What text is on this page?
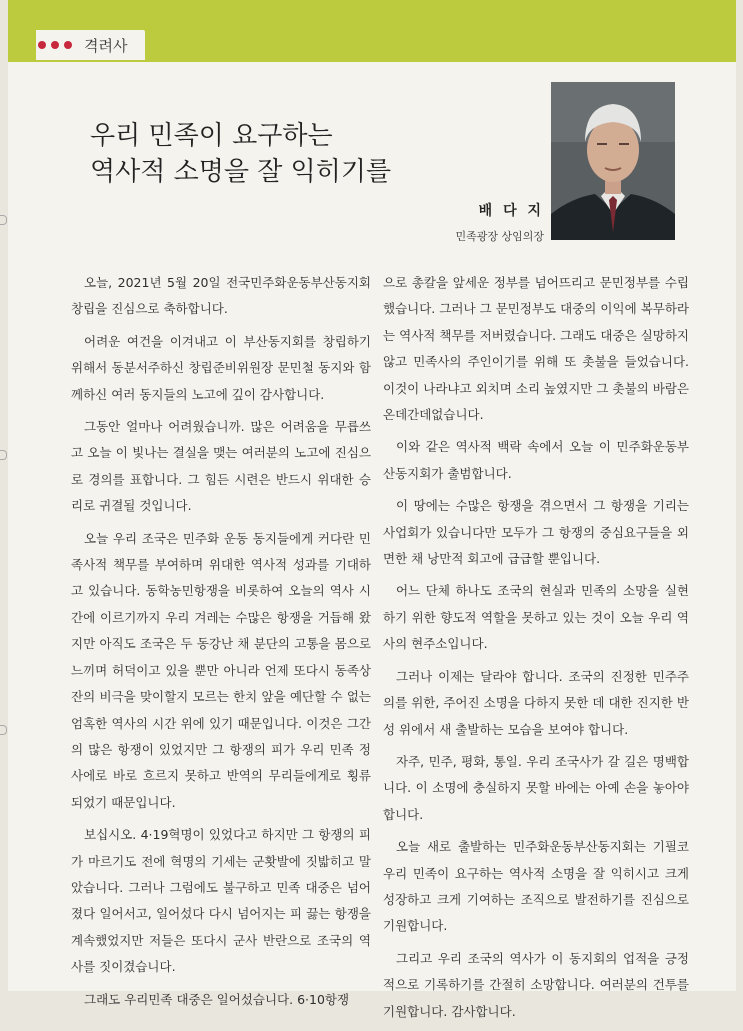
격려사
우리 민족이 요구하는
역사적 소명을 잘 익히기를
배 다 지
민족광장 상임의장

오늘, 2021년 5월 20일 전국민주화운동부산동지회 창립을 진심으로 축하합니다.

어려운 여건을 이겨내고 이 부산동지회를 창립하기 위해서 동분서주하신 창립준비위원장 문민철 동지와 함께하신 여러 동지들의 노고에 깊이 감사합니다.

그동안 얼마나 어려웠습니까. 많은 어려움을 무릅쓰고 오늘 이 빛나는 결실을 맺는 여러분의 노고에 진심으로 경의를 표합니다. 그 힘든 시련은 반드시 위대한 승리로 귀결될 것입니다.

오늘 우리 조국은 민주화 운동 동지들에게 커다란 민족사적 책무를 부여하며 위대한 역사적 성과를 기대하고 있습니다. 동학농민항쟁을 비롯하여 오늘의 역사 시간에 이르기까지 우리 겨레는 수많은 항쟁을 거듭해 왔지만 아직도 조국은 두 동강난 채 분단의 고통을 몸으로 느끼며 허덕이고 있을 뿐만 아니라 언제 또다시 동족상잔의 비극을 맞이할지 모르는 한치 앞을 예단할 수 없는 엄혹한 역사의 시간 위에 있기 때문입니다. 이것은 그간의 많은 항쟁이 있었지만 그 항쟁의 피가 우리 민족 정사에로 바로 흐르지 못하고 반역의 무리들에게로 횡류 되었기 때문입니다.

보십시오. 4·19혁명이 있었다고 하지만 그 항쟁의 피가 마르기도 전에 혁명의 기세는 군홧발에 짓밟히고 말았습니다. 그러나 그럼에도 불구하고 민족 대중은 넘어졌다 일어서고, 일어섰다 다시 넘어지는 피 끓는 항쟁을 계속했었지만 저들은 또다시 군사 반란으로 조국의 역사를 짓이겼습니다.

그래도 우리민족 대중은 일어섰습니다. 6·10항쟁

으로 총칼을 앞세운 정부를 넘어뜨리고 문민정부를 수립했습니다. 그러나 그 문민정부도 대중의 이익에 복무하라는 역사적 책무를 저버렸습니다. 그래도 대중은 실망하지 않고 민족사의 주인이기를 위해 또 촛불을 들었습니다. 이것이 나라냐고 외치며 소리 높였지만 그 촛불의 바람은 온데간데없습니다.

이와 같은 역사적 백락 속에서 오늘 이 민주화운동부산동지회가 출범합니다.

이 땅에는 수많은 항쟁을 겪으면서 그 항쟁을 기리는 사업회가 있습니다만 모두가 그 항쟁의 중심요구들을 외면한 채 낭만적 회고에 급급할 뿐입니다.

어느 단체 하나도 조국의 현실과 민족의 소망을 실현하기 위한 향도적 역할을 못하고 있는 것이 오늘 우리 역사의 현주소입니다.

그러나 이제는 달라야 합니다. 조국의 진정한 민주주의를 위한, 주어진 소명을 다하지 못한 데 대한 진지한 반성 위에서 새 출발하는 모습을 보여야 합니다.

자주, 민주, 평화, 통일. 우리 조국사가 갈 길은 명백합니다. 이 소명에 충실하지 못할 바에는 아예 손을 놓아야 합니다.

오늘 새로 출발하는 민주화운동부산동지회는 기필코 우리 민족이 요구하는 역사적 소명을 잘 익히시고 크게 성장하고 크게 기여하는 조직으로 발전하기를 진심으로 기원합니다.

그리고 우리 조국의 역사가 이 동지회의 업적을 긍정적으로 기록하기를 간절히 소망합니다. 여러분의 건투를 기원합니다. 감사합니다.
